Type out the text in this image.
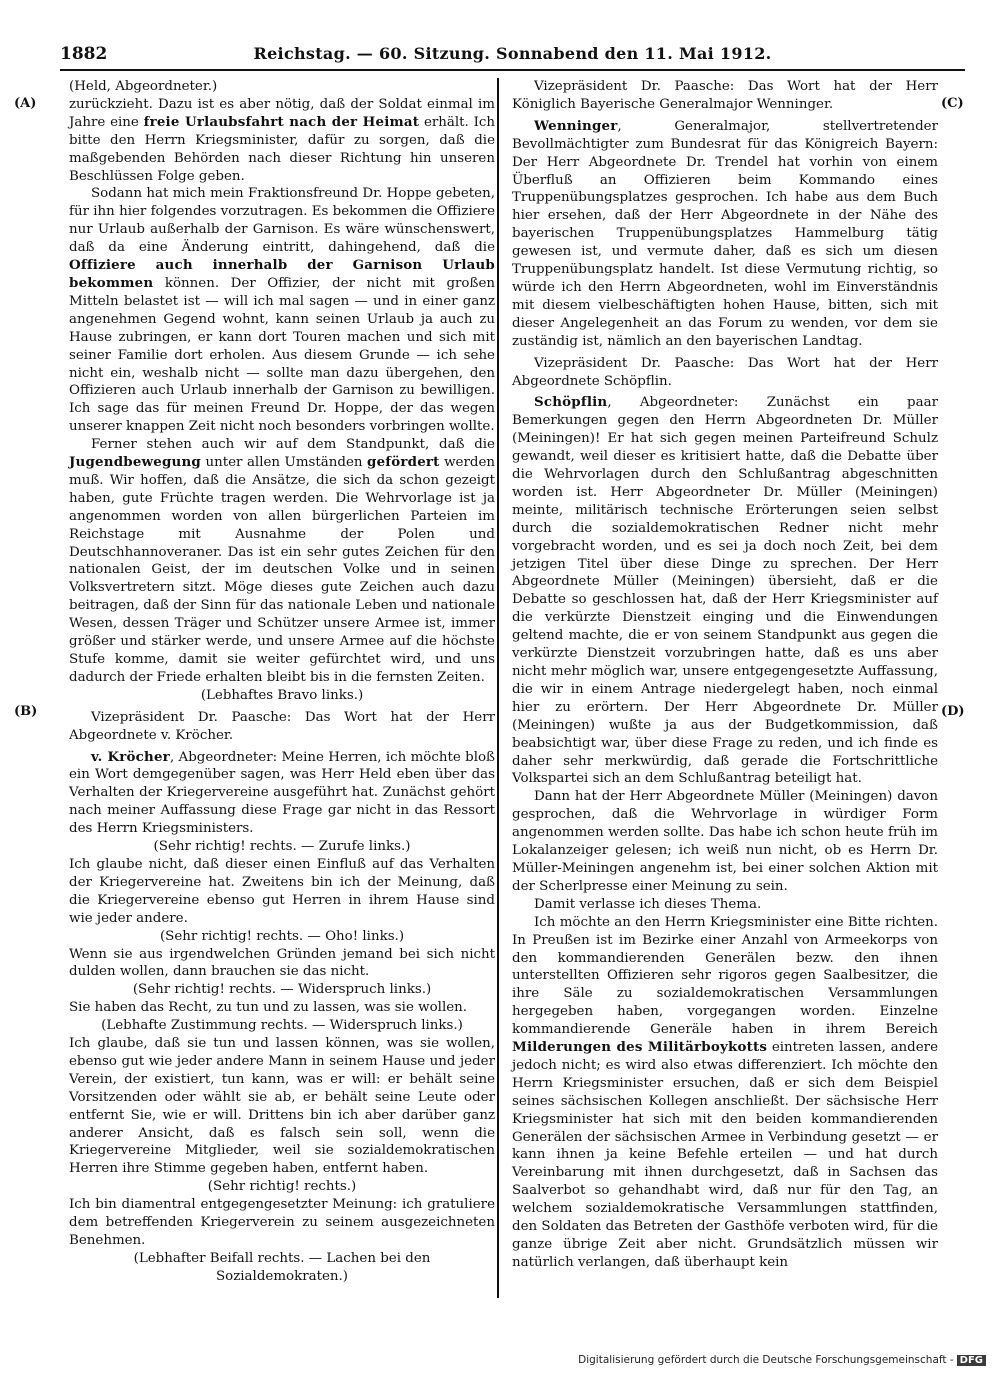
1882	Reichstag. — 60. Sitzung. Sonnabend den 11. Mai 1912.
(A)
(B)
(C)
(D)

(Held, Abgeordneter.)

zurückzieht. Dazu ist es aber nötig, daß der Soldat einmal im Jahre eine freie Urlaubsfahrt nach der Heimat erhält. Ich bitte den Herrn Kriegsminister, dafür zu sorgen, daß die maßgebenden Behörden nach dieser Richtung hin unseren Beschlüssen Folge geben.

Sodann hat mich mein Fraktionsfreund Dr. Hoppe gebeten, für ihn hier folgendes vorzutragen. Es bekommen die Offiziere nur Urlaub außerhalb der Garnison. Es wäre wünschenswert, daß da eine Änderung eintritt, dahingehend, daß die Offiziere auch innerhalb der Garnison Urlaub bekommen können. Der Offizier, der nicht mit großen Mitteln belastet ist — will ich mal sagen — und in einer ganz angenehmen Gegend wohnt, kann seinen Urlaub ja auch zu Hause zubringen, er kann dort Touren machen und sich mit seiner Familie dort erholen. Aus diesem Grunde — ich sehe nicht ein, weshalb nicht — sollte man dazu übergehen, den Offizieren auch Urlaub innerhalb der Garnison zu bewilligen. Ich sage das für meinen Freund Dr. Hoppe, der das wegen unserer knappen Zeit nicht noch besonders vorbringen wollte.

Ferner stehen auch wir auf dem Standpunkt, daß die Jugendbewegung unter allen Umständen gefördert werden muß. Wir hoffen, daß die Ansätze, die sich da schon gezeigt haben, gute Früchte tragen werden. Die Wehrvorlage ist ja angenommen worden von allen bürgerlichen Parteien im Reichstage mit Ausnahme der Polen und Deutschhannoveraner. Das ist ein sehr gutes Zeichen für den nationalen Geist, der im deutschen Volke und in seinen Volksvertretern sitzt. Möge dieses gute Zeichen auch dazu beitragen, daß der Sinn für das nationale Leben und nationale Wesen, dessen Träger und Schützer unsere Armee ist, immer größer und stärker werde, und unsere Armee auf die höchste Stufe komme, damit sie weiter gefürchtet wird, und uns dadurch der Friede erhalten bleibt bis in die fernsten Zeiten.

(Lebhaftes Bravo links.)

Vizepräsident Dr. Paasche: Das Wort hat der Herr Abgeordnete v. Kröcher.

v. Kröcher, Abgeordneter: Meine Herren, ich möchte bloß ein Wort demgegenüber sagen, was Herr Held eben über das Verhalten der Kriegervereine ausgeführt hat. Zunächst gehört nach meiner Auffassung diese Frage gar nicht in das Ressort des Herrn Kriegsministers.

(Sehr richtig! rechts. — Zurufe links.)

Ich glaube nicht, daß dieser einen Einfluß auf das Verhalten der Kriegervereine hat. Zweitens bin ich der Meinung, daß die Kriegervereine ebenso gut Herren in ihrem Hause sind wie jeder andere.

(Sehr richtig! rechts. — Oho! links.)

Wenn sie aus irgendwelchen Gründen jemand bei sich nicht dulden wollen, dann brauchen sie das nicht.

(Sehr richtig! rechts. — Widerspruch links.)

Sie haben das Recht, zu tun und zu lassen, was sie wollen.

(Lebhafte Zustimmung rechts. — Widerspruch links.)

Ich glaube, daß sie tun und lassen können, was sie wollen, ebenso gut wie jeder andere Mann in seinem Hause und jeder Verein, der existiert, tun kann, was er will: er behält seine Vorsitzenden oder wählt sie ab, er behält seine Leute oder entfernt Sie, wie er will. Drittens bin ich aber darüber ganz anderer Ansicht, daß es falsch sein soll, wenn die Kriegervereine Mitglieder, weil sie sozialdemokratischen Herren ihre Stimme gegeben haben, entfernt haben.

(Sehr richtig! rechts.)

Ich bin diamentral entgegengesetzter Meinung: ich gratuliere dem betreffenden Kriegerverein zu seinem ausgezeichneten Benehmen.

(Lebhafter Beifall rechts. — Lachen bei den Sozialdemokraten.)

Vizepräsident Dr. Paasche: Das Wort hat der Herr Königlich Bayerische Generalmajor Wenninger.

Wenninger, Generalmajor, stellvertretender Bevollmächtigter zum Bundesrat für das Königreich Bayern: Der Herr Abgeordnete Dr. Trendel hat vorhin von einem Überfluß an Offizieren beim Kommando eines Truppenübungsplatzes gesprochen. Ich habe aus dem Buch hier ersehen, daß der Herr Abgeordnete in der Nähe des bayerischen Truppenübungsplatzes Hammelburg tätig gewesen ist, und vermute daher, daß es sich um diesen Truppenübungsplatz handelt. Ist diese Vermutung richtig, so würde ich den Herrn Abgeordneten, wohl im Einverständnis mit diesem vielbeschäftigten hohen Hause, bitten, sich mit dieser Angelegenheit an das Forum zu wenden, vor dem sie zuständig ist, nämlich an den bayerischen Landtag.

Vizepräsident Dr. Paasche: Das Wort hat der Herr Abgeordnete Schöpflin.

Schöpflin, Abgeordneter: Zunächst ein paar Bemerkungen gegen den Herrn Abgeordneten Dr. Müller (Meiningen)! Er hat sich gegen meinen Parteifreund Schulz gewandt, weil dieser es kritisiert hatte, daß die Debatte über die Wehrvorlagen durch den Schlußantrag abgeschnitten worden ist. Herr Abgeordneter Dr. Müller (Meiningen) meinte, militärisch technische Erörterungen seien selbst durch die sozialdemokratischen Redner nicht mehr vorgebracht worden, und es sei ja doch noch Zeit, bei dem jetzigen Titel über diese Dinge zu sprechen. Der Herr Abgeordnete Müller (Meiningen) übersieht, daß er die Debatte so geschlossen hat, daß der Herr Kriegsminister auf die verkürzte Dienstzeit einging und die Einwendungen geltend machte, die er von seinem Standpunkt aus gegen die verkürzte Dienstzeit vorzubringen hatte, daß es uns aber nicht mehr möglich war, unsere entgegengesetzte Auffassung, die wir in einem Antrage niedergelegt haben, noch einmal hier zu erörtern. Der Herr Abgeordnete Dr. Müller (Meiningen) wußte ja aus der Budgetkommission, daß beabsichtigt war, über diese Frage zu reden, und ich finde es daher sehr merkwürdig, daß gerade die Fortschrittliche Volkspartei sich an dem Schlußantrag beteiligt hat.

Dann hat der Herr Abgeordnete Müller (Meiningen) davon gesprochen, daß die Wehrvorlage in würdiger Form angenommen werden sollte. Das habe ich schon heute früh im Lokalanzeiger gelesen; ich weiß nun nicht, ob es Herrn Dr. Müller-Meiningen angenehm ist, bei einer solchen Aktion mit der Scherlpresse einer Meinung zu sein.

Damit verlasse ich dieses Thema.

Ich möchte an den Herrn Kriegsminister eine Bitte richten. In Preußen ist im Bezirke einer Anzahl von Armeekorps von den kommandierenden Generälen bezw. den ihnen unterstellten Offizieren sehr rigoros gegen Saalbesitzer, die ihre Säle zu sozialdemokratischen Versammlungen hergegeben haben, vorgegangen worden. Einzelne kommandierende Generäle haben in ihrem Bereich Milderungen des Militärboykotts eintreten lassen, andere jedoch nicht; es wird also etwas differenziert. Ich möchte den Herrn Kriegsminister ersuchen, daß er sich dem Beispiel seines sächsischen Kollegen anschließt. Der sächsische Herr Kriegsminister hat sich mit den beiden kommandierenden Generälen der sächsischen Armee in Verbindung gesetzt — er kann ihnen ja keine Befehle erteilen — und hat durch Vereinbarung mit ihnen durchgesetzt, daß in Sachsen das Saalverbot so gehandhabt wird, daß nur für den Tag, an welchem sozialdemokratische Versammlungen stattfinden, den Soldaten das Betreten der Gasthöfe verboten wird, für die ganze übrige Zeit aber nicht. Grundsätzlich müssen wir natürlich verlangen, daß überhaupt kein

Digitalisierung gefördert durch die Deutsche Forschungsgemeinschaft - DFG
